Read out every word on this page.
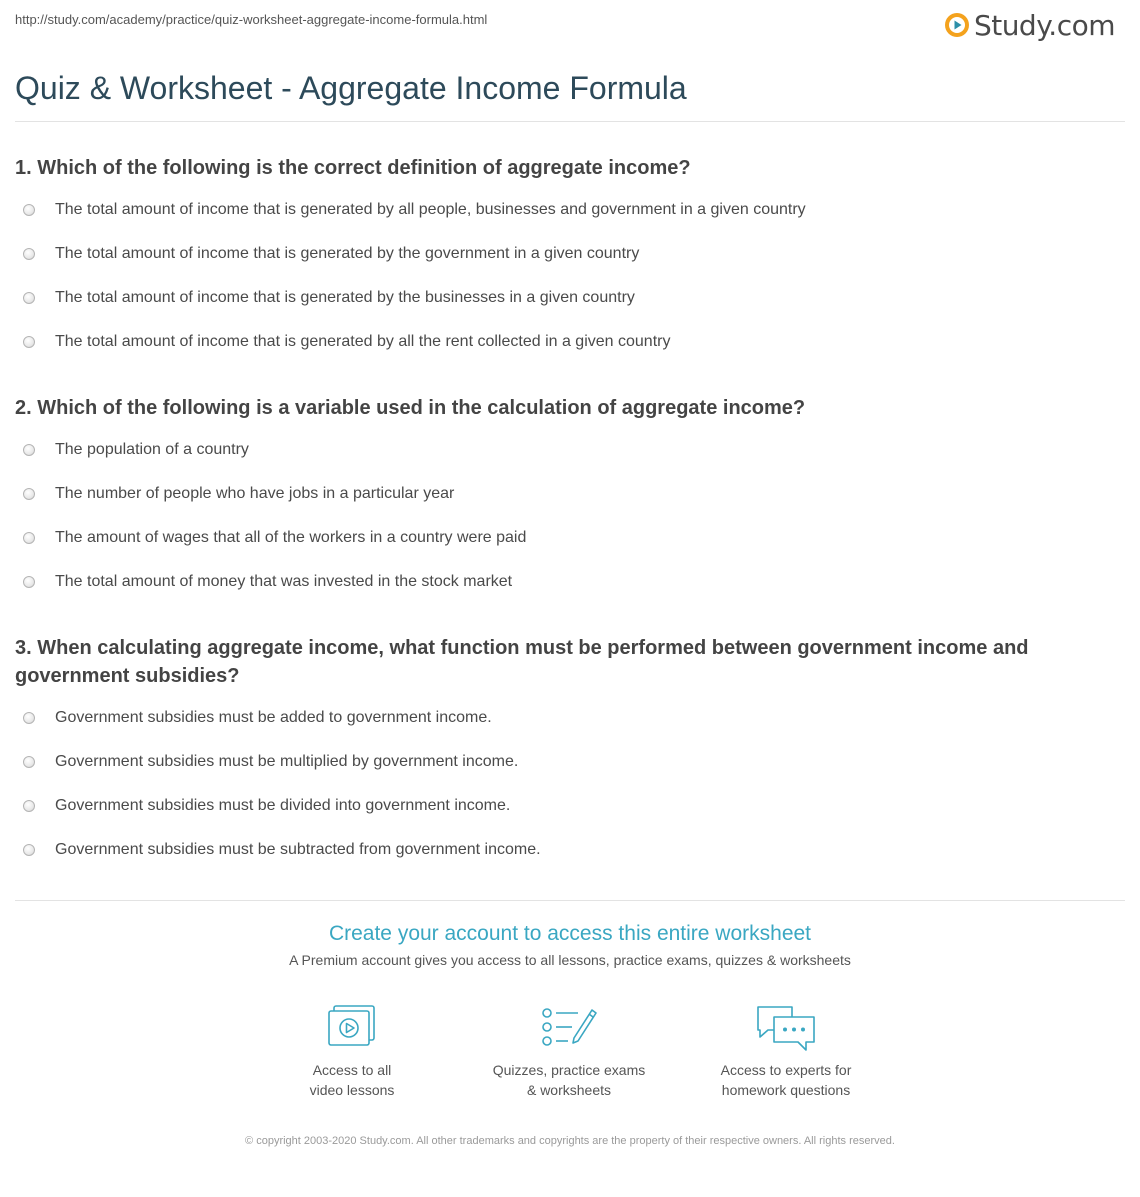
http://study.com/academy/practice/quiz-worksheet-aggregate-income-formula.html	Study.com
Quiz & Worksheet - Aggregate Income Formula
1. Which of the following is the correct definition of aggregate income?
The total amount of income that is generated by all people, businesses and government in a given country
The total amount of income that is generated by the government in a given country
The total amount of income that is generated by the businesses in a given country
The total amount of income that is generated by all the rent collected in a given country
2. Which of the following is a variable used in the calculation of aggregate income?
The population of a country
The number of people who have jobs in a particular year
The amount of wages that all of the workers in a country were paid
The total amount of money that was invested in the stock market
3. When calculating aggregate income, what function must be performed between government income and government subsidies?
Government subsidies must be added to government income.
Government subsidies must be multiplied by government income.
Government subsidies must be divided into government income.
Government subsidies must be subtracted from government income.
Create your account to access this entire worksheet
A Premium account gives you access to all lessons, practice exams, quizzes & worksheets
Access to all
video lessons
Quizzes, practice exams
& worksheets
Access to experts for
homework questions
© copyright 2003-2020 Study.com. All other trademarks and copyrights are the property of their respective owners. All rights reserved.
